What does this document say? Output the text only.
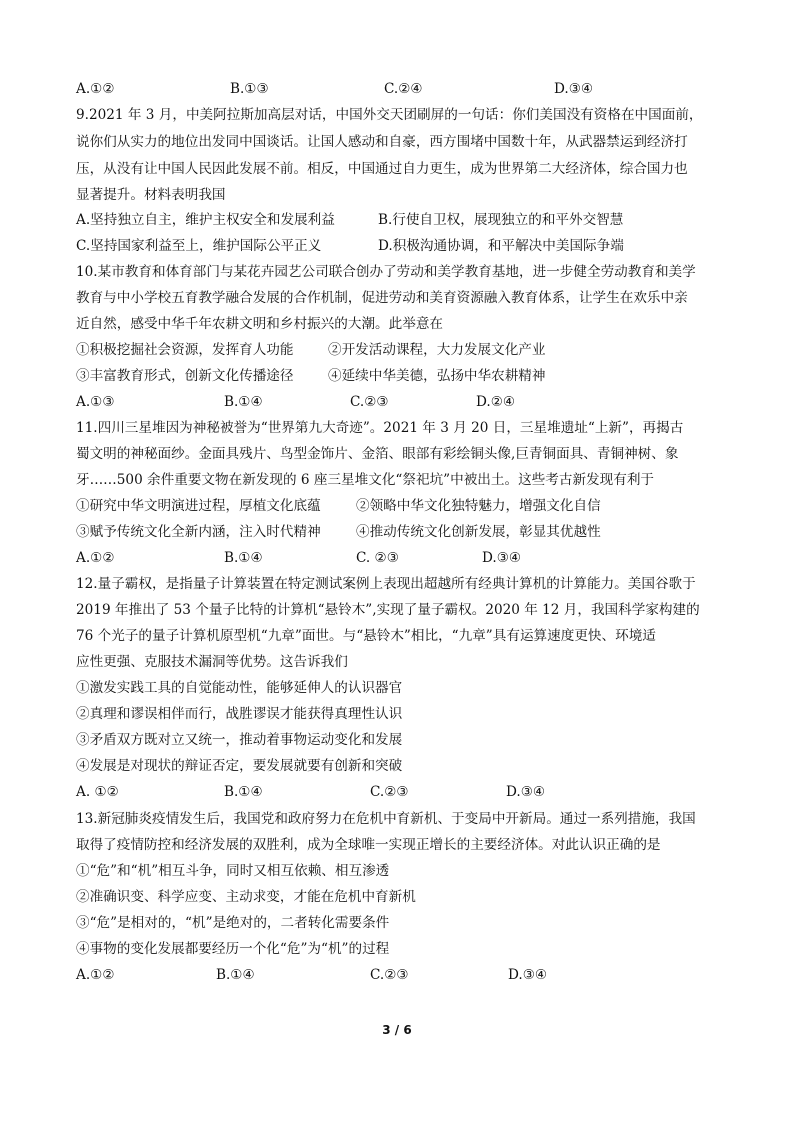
A.①②	B.①③	C.②④	D.③④
9.2021 年 3 月，中美阿拉斯加高层对话，中国外交天团刷屏的一句话：你们美国没有资格在中国面前，
说你们从实力的地位出发同中国谈话。让国人感动和自豪，西方围堵中国数十年，从武器禁运到经济打
压，从没有让中国人民因此发展不前。相反，中国通过自力更生，成为世界第二大经济体，综合国力也
显著提升。材料表明我国
A.坚持独立自主，维护主权安全和发展利益	B.行使自卫权，展现独立的和平外交智慧
C.坚持国家利益至上，维护国际公平正义	D.积极沟通协调，和平解决中美国际争端
10.某市教育和体育部门与某花卉园艺公司联合创办了劳动和美学教育基地，进一步健全劳动教育和美学
教育与中小学校五育教学融合发展的合作机制，促进劳动和美育资源融入教育体系，让学生在欢乐中亲
近自然，感受中华千年农耕文明和乡村振兴的大潮。此举意在
①积极挖掘社会资源，发挥育人功能	②开发活动课程，大力发展文化产业
③丰富教育形式，创新文化传播途径	④延续中华美德，弘扬中华农耕精神
A.①③	B.①④	C.②③	D.②④
11.四川三星堆因为神秘被誉为“世界第九大奇迹”。2021 年 3 月 20 日，三星堆遗址“上新”，再揭古
蜀文明的神秘面纱。金面具残片、鸟型金饰片、金箔、眼部有彩绘铜头像,巨青铜面具、青铜神树、象
牙……500 余件重要文物在新发现的 6 座三星堆文化“祭祀坑”中被出土。这些考古新发现有利于
①研究中华文明演进过程，厚植文化底蕴	②领略中华文化独特魅力，增强文化自信
③赋予传统文化全新内涵，注入时代精神	④推动传统文化创新发展，彰显其优越性
A.①②	B.①④	C. ②③	D.③④
12.量子霸权，是指量子计算装置在特定测试案例上表现出超越所有经典计算机的计算能力。美国谷歌于
2019 年推出了 53 个量子比特的计算机“悬铃木”,实现了量子霸权。2020 年 12 月，我国科学家构建的
76 个光子的量子计算机原型机“九章”面世。与“悬铃木”相比，“九章”具有运算速度更快、环境适
应性更强、克服技术漏洞等优势。这告诉我们
①激发实践工具的自觉能动性，能够延伸人的认识器官
②真理和谬误相伴而行，战胜谬误才能获得真理性认识
③矛盾双方既对立又统一，推动着事物运动变化和发展
④发展是对现状的辩证否定，要发展就要有创新和突破
A. ①②	B.①④	C.②③	D.③④
13.新冠肺炎疫情发生后，我国党和政府努力在危机中育新机、于变局中开新局。通过一系列措施，我国
取得了疫情防控和经济发展的双胜利，成为全球唯一实现正增长的主要经济体。对此认识正确的是
①“危”和“机”相互斗争，同时又相互依赖、相互渗透
②准确识变、科学应变、主动求变，才能在危机中育新机
③“危”是相对的，“机”是绝对的，二者转化需要条件
④事物的变化发展都要经历一个化“危”为“机”的过程
A.①②	B.①④	C.②③	D.③④
3 / 6
